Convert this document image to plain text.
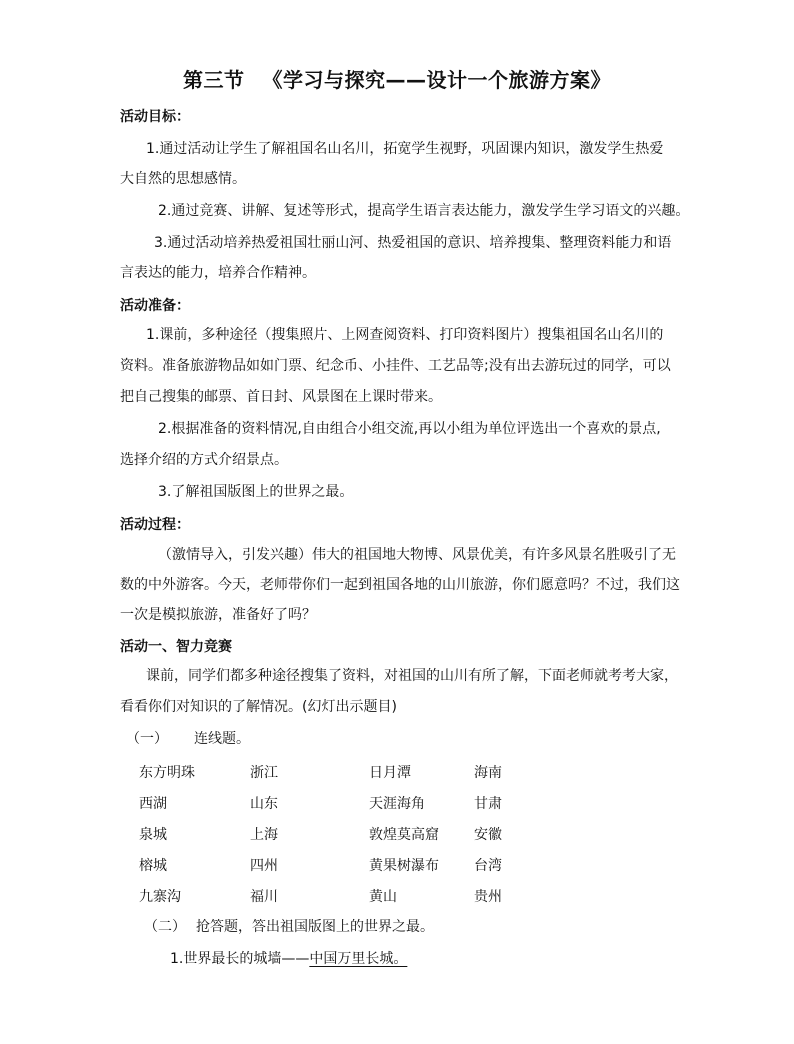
第三节 《学习与探究——设计一个旅游方案》
活动目标：
1.通过活动让学生了解祖国名山名川，拓宽学生视野，巩固课内知识，激发学生热爱
大自然的思想感情。
2.通过竞赛、讲解、复述等形式，提高学生语言表达能力，激发学生学习语文的兴趣。
3.通过活动培养热爱祖国壮丽山河、热爱祖国的意识、培养搜集、整理资料能力和语
言表达的能力，培养合作精神。
活动准备：
1.课前，多种途径（搜集照片、上网查阅资料、打印资料图片）搜集祖国名山名川的
资料。准备旅游物品如如门票、纪念币、小挂件、工艺品等;没有出去游玩过的同学，可以
把自己搜集的邮票、首日封、风景图在上课时带来。
2.根据准备的资料情况,自由组合小组交流,再以小组为单位评选出一个喜欢的景点,
选择介绍的方式介绍景点。
3.了解祖国版图上的世界之最。
活动过程：
（激情导入，引发兴趣）伟大的祖国地大物博、风景优美，有许多风景名胜吸引了无
数的中外游客。今天，老师带你们一起到祖国各地的山川旅游，你们愿意吗？不过，我们这
一次是模拟旅游，准备好了吗？
活动一、智力竞赛
课前，同学们都多种途径搜集了资料，对祖国的山川有所了解，下面老师就考考大家，
看看你们对知识的了解情况。(幻灯出示题目)
（一） 连线题。
东方明珠	浙江	日月潭	海南
西湖	山东	天涯海角	甘肃
泉城	上海	敦煌莫高窟	安徽
榕城	四州	黄果树瀑布	台湾
九寨沟	福川	黄山	贵州
（二） 抢答题，答出祖国版图上的世界之最。
1.世界最长的城墙——中国万里长城。
